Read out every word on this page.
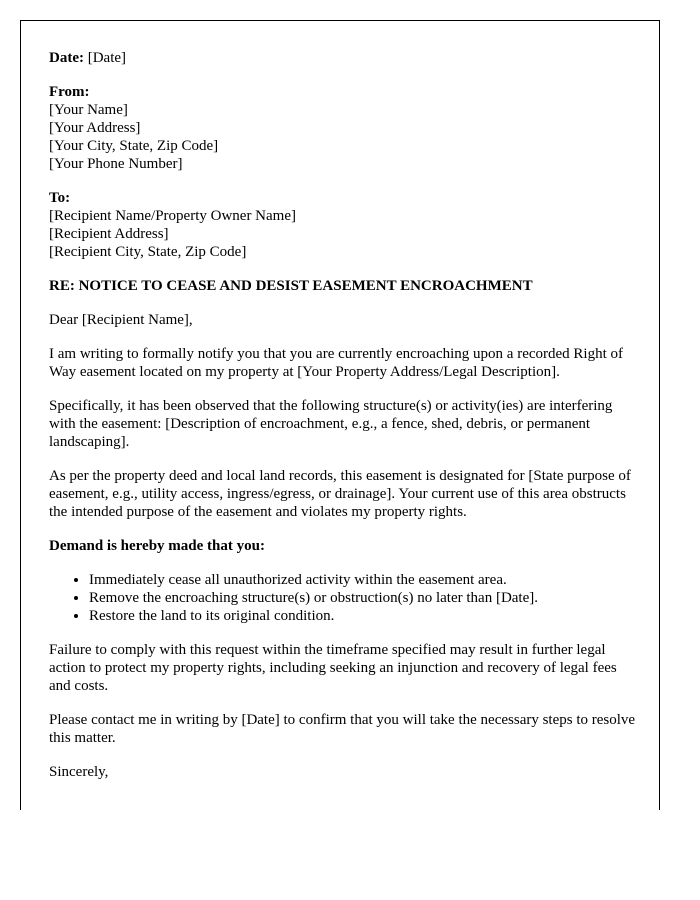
Date: [Date]
From:
[Your Name]
[Your Address]
[Your City, State, Zip Code]
[Your Phone Number]
To:
[Recipient Name/Property Owner Name]
[Recipient Address]
[Recipient City, State, Zip Code]

RE: NOTICE TO CEASE AND DESIST EASEMENT ENCROACHMENT

Dear [Recipient Name],

I am writing to formally notify you that you are currently encroaching upon a recorded Right of Way easement located on my property at [Your Property Address/Legal Description].

Specifically, it has been observed that the following structure(s) or activity(ies) are interfering with the easement: [Description of encroachment, e.g., a fence, shed, debris, or permanent landscaping].

As per the property deed and local land records, this easement is designated for [State purpose of easement, e.g., utility access, ingress/egress, or drainage]. Your current use of this area obstructs the intended purpose of the easement and violates my property rights.

Demand is hereby made that you:

• Immediately cease all unauthorized activity within the easement area.
• Remove the encroaching structure(s) or obstruction(s) no later than [Date].
• Restore the land to its original condition.

Failure to comply with this request within the timeframe specified may result in further legal action to protect my property rights, including seeking an injunction and recovery of legal fees and costs.

Please contact me in writing by [Date] to confirm that you will take the necessary steps to resolve this matter.

Sincerely,
